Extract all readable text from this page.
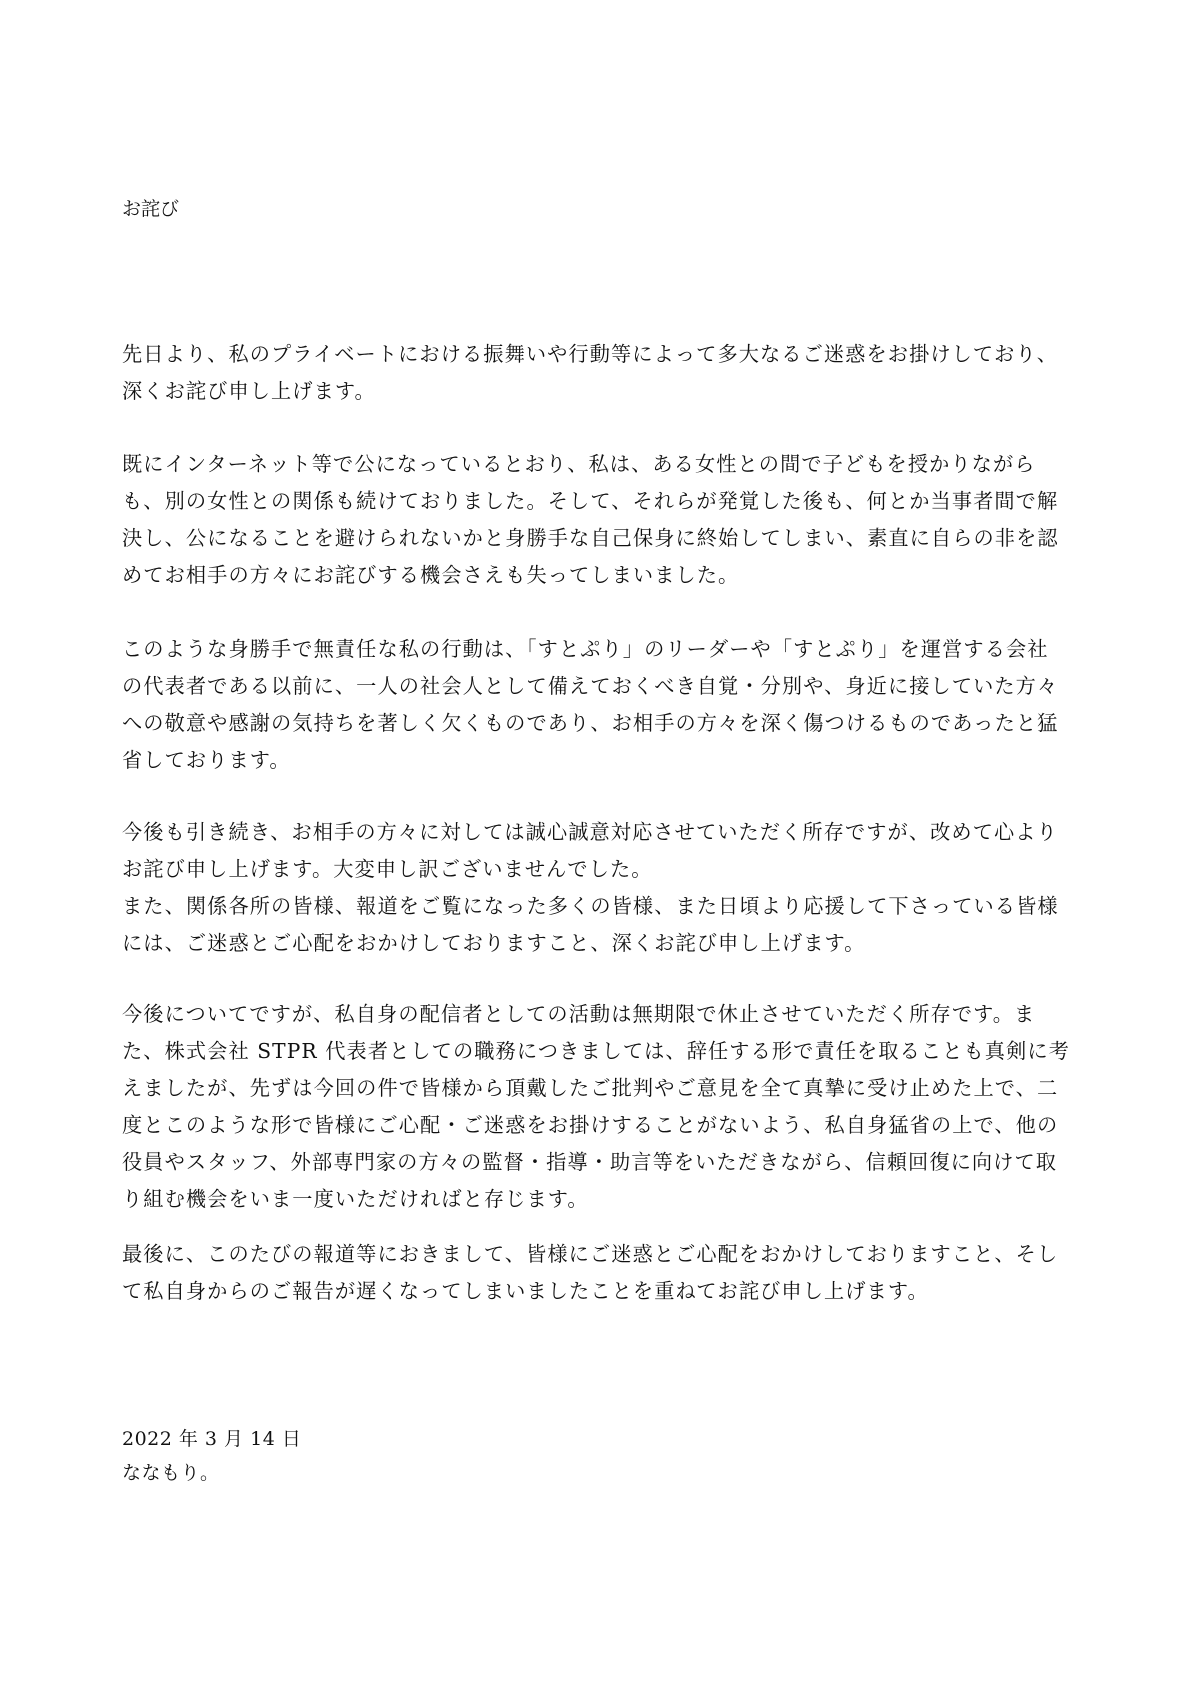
お詫び
先日より、私のプライベートにおける振舞いや行動等によって多大なるご迷惑をお掛けしており、
深くお詫び申し上げます。
既にインターネット等で公になっているとおり、私は、ある女性との間で子どもを授かりながら
も、別の女性との関係も続けておりました。そして、それらが発覚した後も、何とか当事者間で解
決し、公になることを避けられないかと身勝手な自己保身に終始してしまい、素直に自らの非を認
めてお相手の方々にお詫びする機会さえも失ってしまいました。
このような身勝手で無責任な私の行動は、「すとぷり」のリーダーや「すとぷり」を運営する会社
の代表者である以前に、一人の社会人として備えておくべき自覚・分別や、身近に接していた方々
への敬意や感謝の気持ちを著しく欠くものであり、お相手の方々を深く傷つけるものであったと猛
省しております。
今後も引き続き、お相手の方々に対しては誠心誠意対応させていただく所存ですが、改めて心より
お詫び申し上げます。大変申し訳ございませんでした。
また、関係各所の皆様、報道をご覧になった多くの皆様、また日頃より応援して下さっている皆様
には、ご迷惑とご心配をおかけしておりますこと、深くお詫び申し上げます。
今後についてですが、私自身の配信者としての活動は無期限で休止させていただく所存です。ま
た、株式会社 STPR 代表者としての職務につきましては、辞任する形で責任を取ることも真剣に考
えましたが、先ずは今回の件で皆様から頂戴したご批判やご意見を全て真摯に受け止めた上で、二
度とこのような形で皆様にご心配・ご迷惑をお掛けすることがないよう、私自身猛省の上で、他の
役員やスタッフ、外部専門家の方々の監督・指導・助言等をいただきながら、信頼回復に向けて取
り組む機会をいま一度いただければと存じます。
最後に、このたびの報道等におきまして、皆様にご迷惑とご心配をおかけしておりますこと、そし
て私自身からのご報告が遅くなってしまいましたことを重ねてお詫び申し上げます。
2022 年 3 月 14 日
ななもり。
